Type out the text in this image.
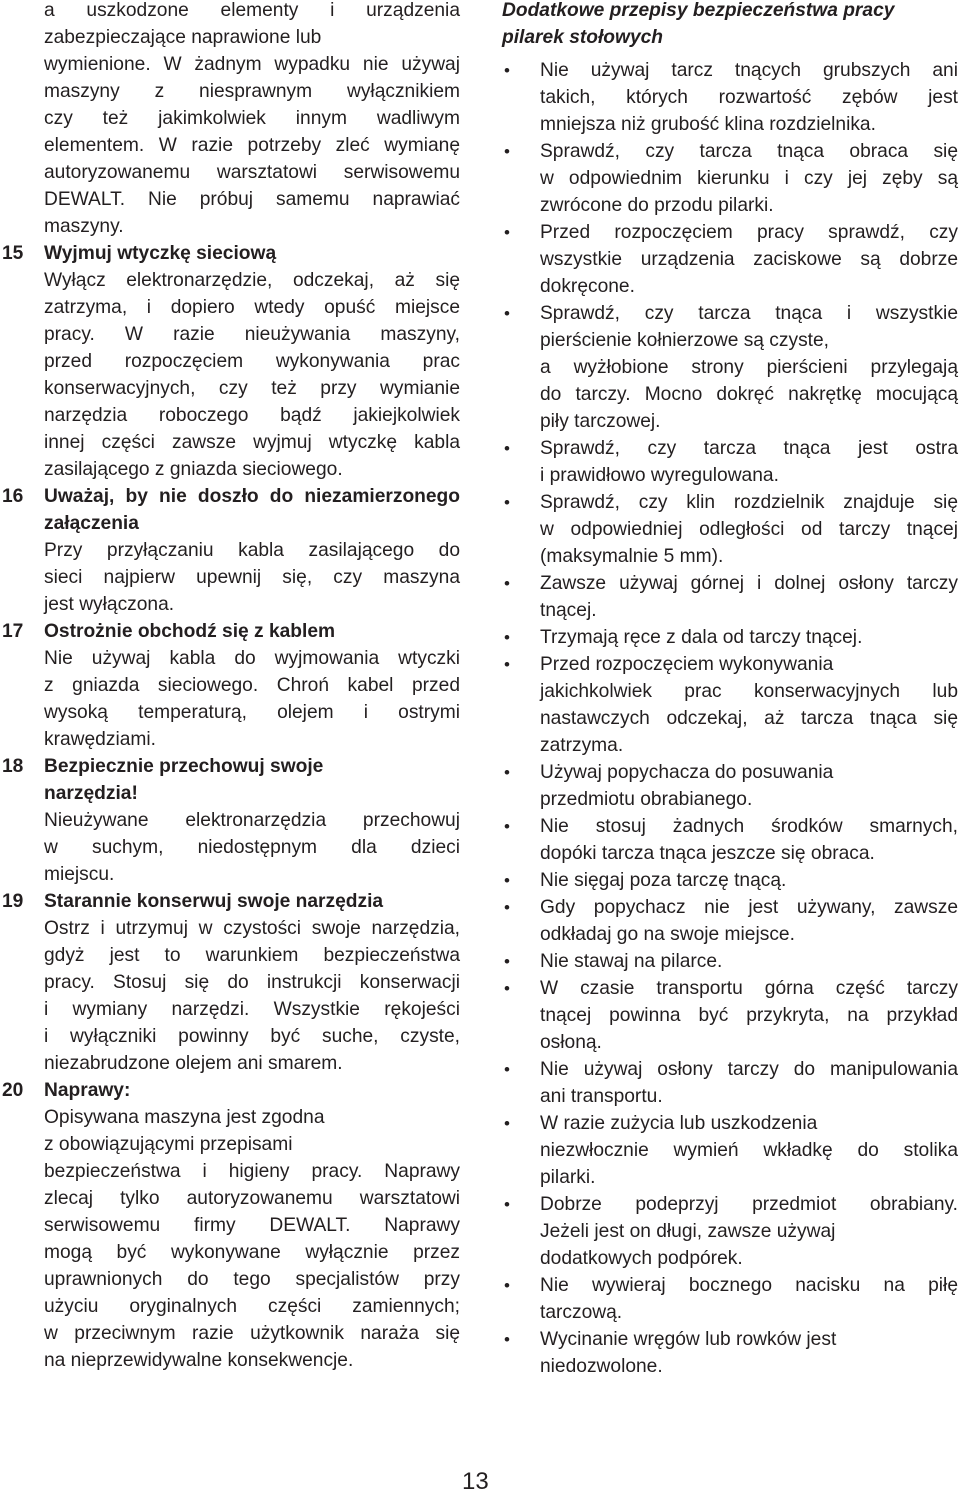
a uszkodzone elementy i urządzenia
zabezpieczające naprawione lub
wymienione. W żadnym wypadku nie używaj
maszyny z niesprawnym wyłącznikiem
czy też jakimkolwiek innym wadliwym
elementem. W razie potrzeby zleć wymianę
autoryzowanemu warsztatowi serwisowemu
DEWALT. Nie próbuj samemu naprawiać
maszyny.
15 Wyjmuj wtyczkę sieciową
Wyłącz elektronarzędzie, odczekaj, aż się
zatrzyma, i dopiero wtedy opuść miejsce
pracy. W razie nieużywania maszyny,
przed rozpoczęciem wykonywania prac
konserwacyjnych, czy też przy wymianie
narzędzia roboczego bądź jakiejkolwiek
innej części zawsze wyjmuj wtyczkę kabla
zasilającego z gniazda sieciowego.
16 Uważaj, by nie doszło do niezamierzonego
załączenia
Przy przyłączaniu kabla zasilającego do
sieci najpierw upewnij się, czy maszyna
jest wyłączona.
17 Ostrożnie obchodź się z kablem
Nie używaj kabla do wyjmowania wtyczki
z gniazda sieciowego. Chroń kabel przed
wysoką temperaturą, olejem i ostrymi
krawędziami.
18 Bezpiecznie przechowuj swoje
narzędzia!
Nieużywane elektronarzędzia przechowuj
w suchym, niedostępnym dla dzieci
miejscu.
19 Starannie konserwuj swoje narzędzia
Ostrz i utrzymuj w czystości swoje narzędzia,
gdyż jest to warunkiem bezpieczeństwa
pracy. Stosuj się do instrukcji konserwacji
i wymiany narzędzi. Wszystkie rękojeści
i wyłączniki powinny być suche, czyste,
niezabrudzone olejem ani smarem.
20 Naprawy:
Opisywana maszyna jest zgodna
z obowiązującymi przepisami
bezpieczeństwa i higieny pracy. Naprawy
zlecaj tylko autoryzowanemu warsztatowi
serwisowemu firmy DEWALT. Naprawy
mogą być wykonywane wyłącznie przez
uprawnionych do tego specjalistów przy
użyciu oryginalnych części zamiennych;
w przeciwnym razie użytkownik naraża się
na nieprzewidywalne konsekwencje.
Dodatkowe przepisy bezpieczeństwa pracy
pilarek stołowych
• Nie używaj tarcz tnących grubszych ani
takich, których rozwartość zębów jest
mniejsza niż grubość klina rozdzielnika.
• Sprawdź, czy tarcza tnąca obraca się
w odpowiednim kierunku i czy jej zęby są
zwrócone do przodu pilarki.
• Przed rozpoczęciem pracy sprawdź, czy
wszystkie urządzenia zaciskowe są dobrze
dokręcone.
• Sprawdź, czy tarcza tnąca i wszystkie
pierścienie kołnierzowe są czyste,
a wyżłobione strony pierścieni przylegają
do tarczy. Mocno dokręć nakrętkę mocującą
piły tarczowej.
• Sprawdź, czy tarcza tnąca jest ostra
i prawidłowo wyregulowana.
• Sprawdź, czy klin rozdzielnik znajduje się
w odpowiedniej odległości od tarczy tnącej
(maksymalnie 5 mm).
• Zawsze używaj górnej i dolnej osłony tarczy
tnącej.
• Trzymają ręce z dala od tarczy tnącej.
• Przed rozpoczęciem wykonywania
jakichkolwiek prac konserwacyjnych lub
nastawczych odczekaj, aż tarcza tnąca się
zatrzyma.
• Używaj popychacza do posuwania
przedmiotu obrabianego.
• Nie stosuj żadnych środków smarnych,
dopóki tarcza tnąca jeszcze się obraca.
• Nie sięgaj poza tarczę tnącą.
• Gdy popychacz nie jest używany, zawsze
odkładaj go na swoje miejsce.
• Nie stawaj na pilarce.
• W czasie transportu górna część tarczy
tnącej powinna być przykryta, na przykład
osłoną.
• Nie używaj osłony tarczy do manipulowania
ani transportu.
• W razie zużycia lub uszkodzenia
niezwłocznie wymień wkładkę do stolika
pilarki.
• Dobrze podeprzyj przedmiot obrabiany.
Jeżeli jest on długi, zawsze używaj
dodatkowych podpórek.
• Nie wywieraj bocznego nacisku na piłę
tarczową.
• Wycinanie wręgów lub rowków jest
niedozwolone.
13
